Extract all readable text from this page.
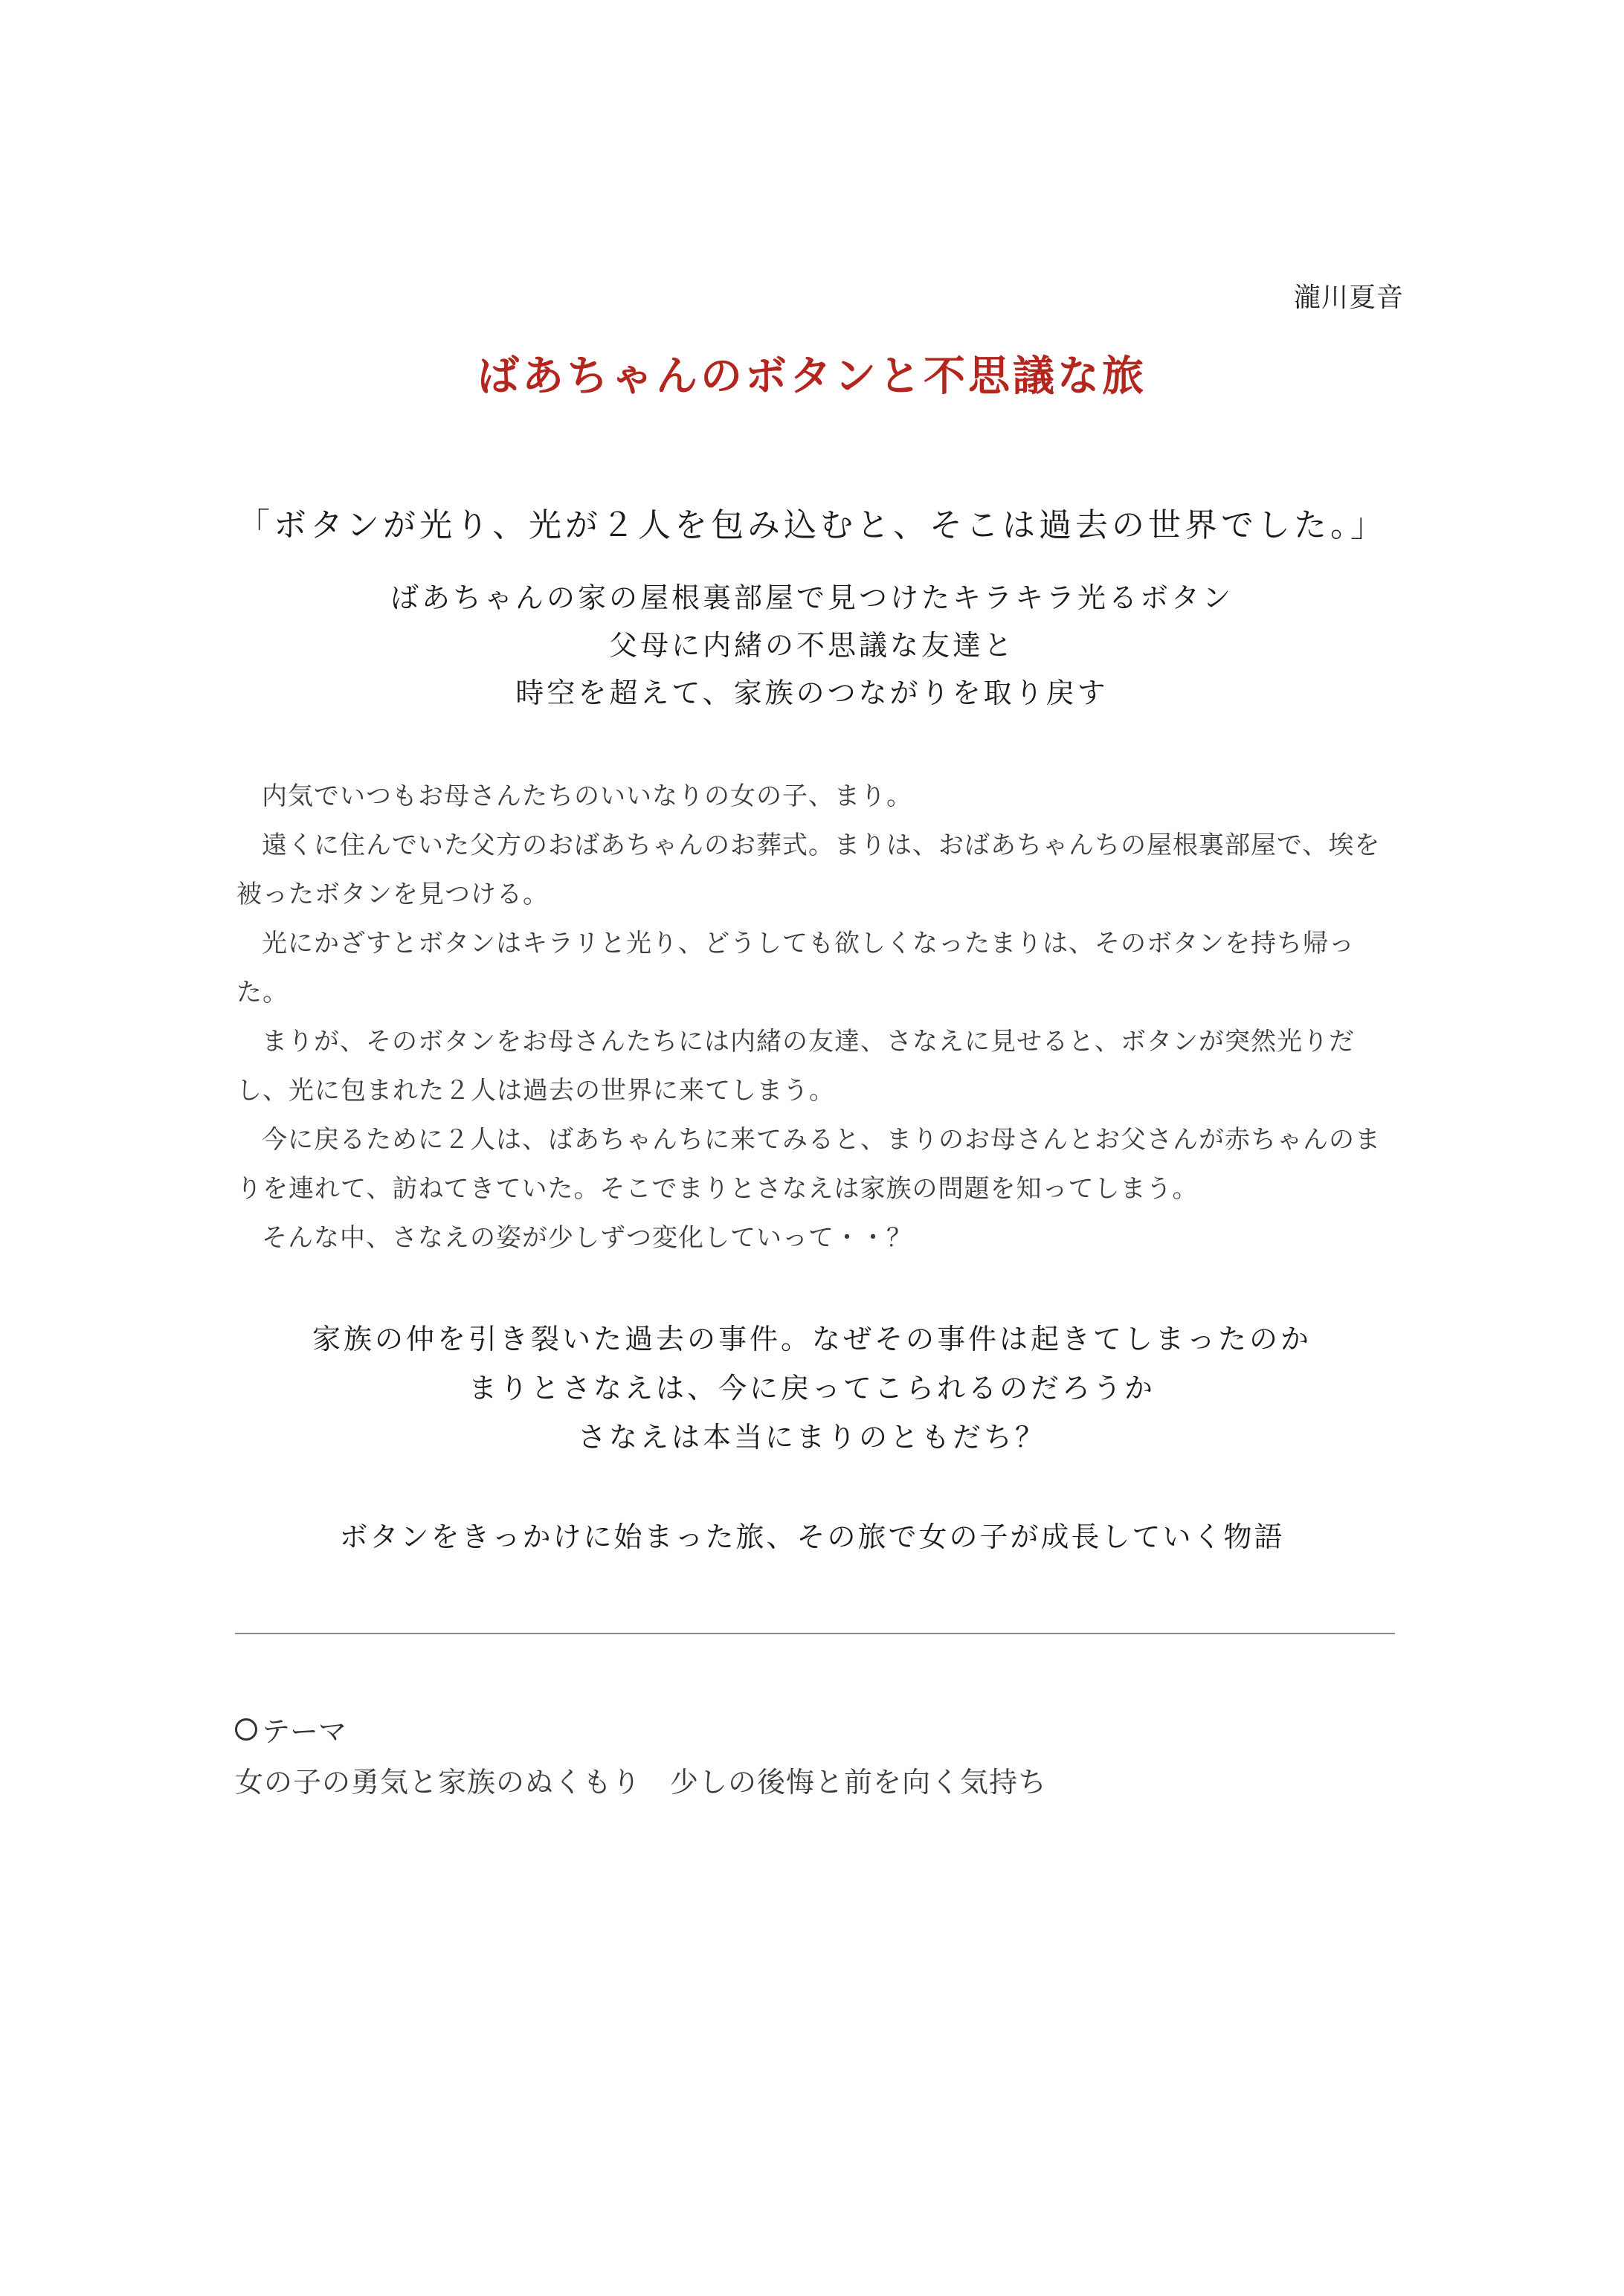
瀧川夏音
ばあちゃんのボタンと不思議な旅
「ボタンが光り、光が２人を包み込むと、そこは過去の世界でした。」
ばあちゃんの家の屋根裏部屋で見つけたキラキラ光るボタン
父母に内緒の不思議な友達と
時空を超えて、家族のつながりを取り戻す

内気でいつもお母さんたちのいいなりの女の子、まり。

遠くに住んでいた父方のおばあちゃんのお葬式。まりは、おばあちゃんちの屋根裏部屋で、埃を被ったボタンを見つける。

光にかざすとボタンはキラリと光り、どうしても欲しくなったまりは、そのボタンを持ち帰った。

まりが、そのボタンをお母さんたちには内緒の友達、さなえに見せると、ボタンが突然光りだし、光に包まれた２人は過去の世界に来てしまう。

今に戻るために２人は、ばあちゃんちに来てみると、まりのお母さんとお父さんが赤ちゃんのまりを連れて、訪ねてきていた。そこでまりとさなえは家族の問題を知ってしまう。

そんな中、さなえの姿が少しずつ変化していって・・？

家族の仲を引き裂いた過去の事件。なぜその事件は起きてしまったのか
まりとさなえは、今に戻ってこられるのだろうか
さなえは本当にまりのともだち？
ボタンをきっかけに始まった旅、その旅で女の子が成長していく物語
テーマ
女の子の勇気と家族のぬくもり　少しの後悔と前を向く気持ち
